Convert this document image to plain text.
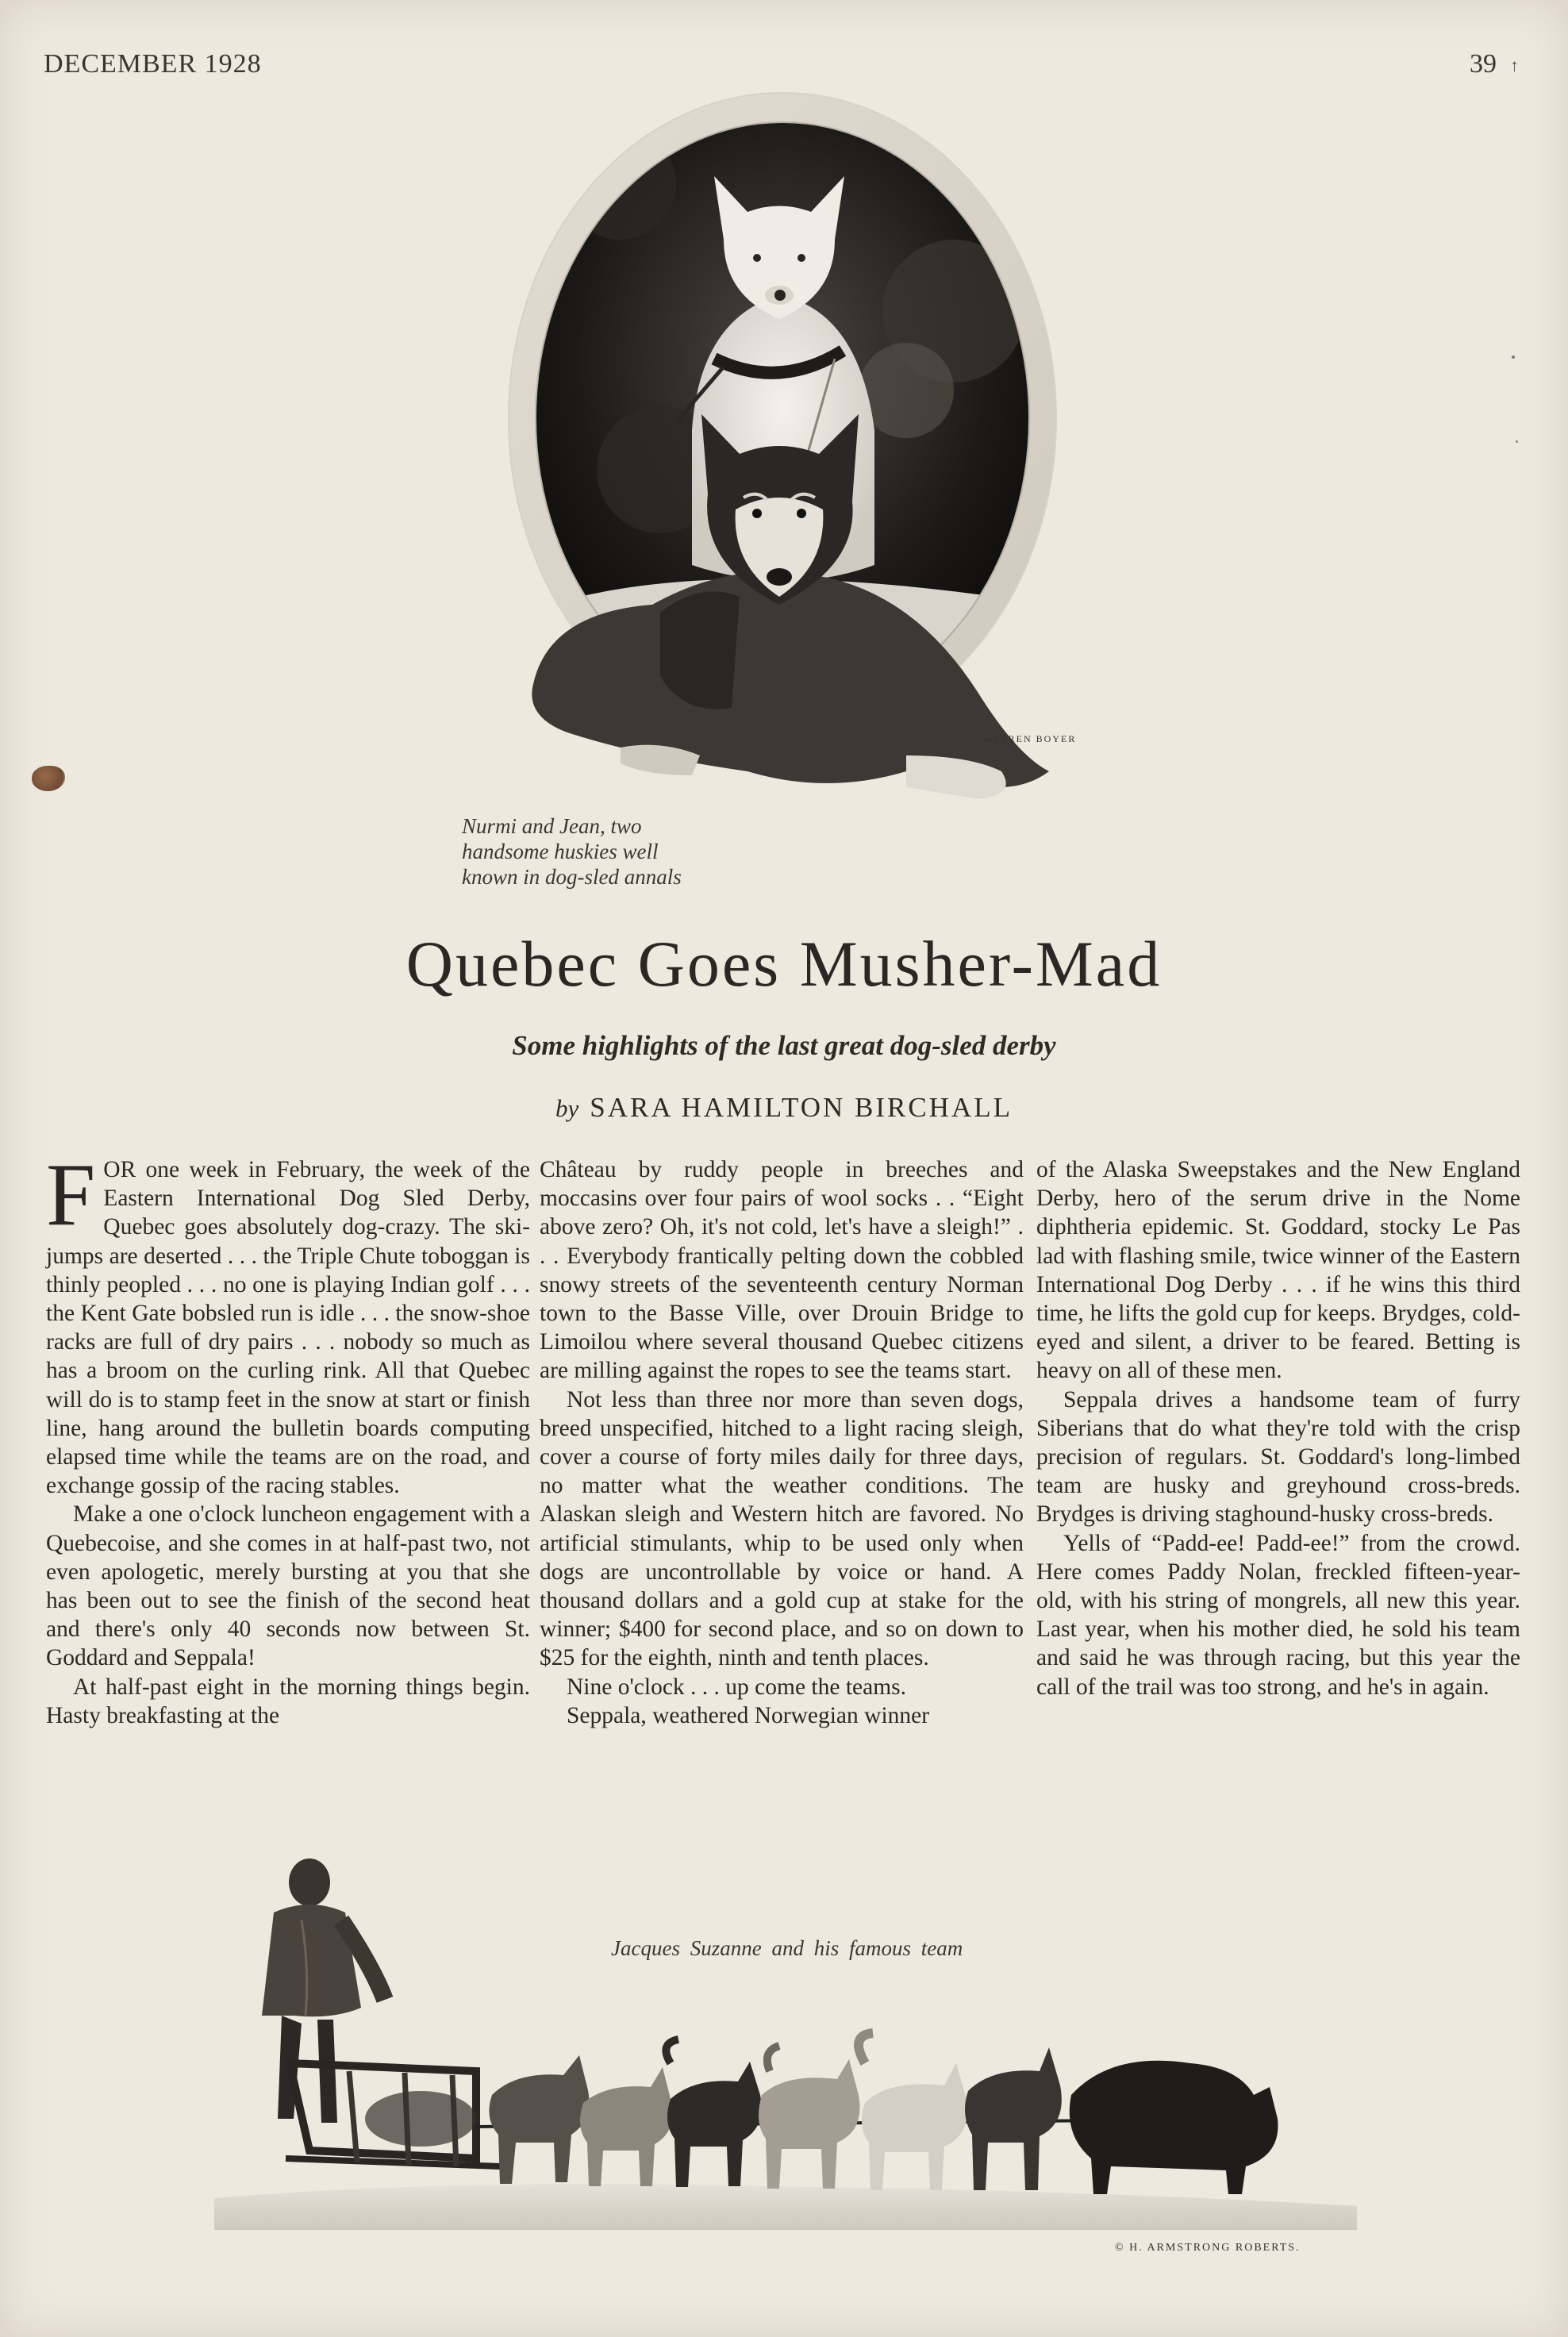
DECEMBER 1928	39 ↑
WARREN BOYER
Nurmi and Jean, two handsome huskies well known in dog-sled annals
Quebec Goes Musher-Mad
Some highlights of the last great dog-sled derby
by SARA HAMILTON BIRCHALL

FOR one week in February, the week of the Eastern International Dog Sled Derby, Quebec goes absolutely dog-crazy. The ski-jumps are deserted . . . the Triple Chute toboggan is thinly peopled . . . no one is playing Indian golf . . . the Kent Gate bobsled run is idle . . . the snow-shoe racks are full of dry pairs . . . nobody so much as has a broom on the curling rink. All that Quebec will do is to stamp feet in the snow at start or finish line, hang around the bulletin boards computing elapsed time while the teams are on the road, and exchange gossip of the racing stables.

Make a one o'clock luncheon engagement with a Quebecoise, and she comes in at half-past two, not even apologetic, merely bursting at you that she has been out to see the finish of the second heat and there's only 40 seconds now between St. Goddard and Seppala!

At half-past eight in the morning things begin. Hasty breakfasting at the

Château by ruddy people in breeches and moccasins over four pairs of wool socks . . “Eight above zero? Oh, it's not cold, let's have a sleigh!” . . . Everybody frantically pelting down the cobbled snowy streets of the seventeenth century Norman town to the Basse Ville, over Drouin Bridge to Limoilou where several thousand Quebec citizens are milling against the ropes to see the teams start.

Not less than three nor more than seven dogs, breed unspecified, hitched to a light racing sleigh, cover a course of forty miles daily for three days, no matter what the weather conditions. The Alaskan sleigh and Western hitch are favored. No artificial stimulants, whip to be used only when dogs are uncontrollable by voice or hand. A thousand dollars and a gold cup at stake for the winner; $400 for second place, and so on down to $25 for the eighth, ninth and tenth places.

Nine o'clock . . . up come the teams.

Seppala, weathered Norwegian winner

of the Alaska Sweepstakes and the New England Derby, hero of the serum drive in the Nome diphtheria epidemic. St. Goddard, stocky Le Pas lad with flashing smile, twice winner of the Eastern International Dog Derby . . . if he wins this third time, he lifts the gold cup for keeps. Brydges, cold-eyed and silent, a driver to be feared. Betting is heavy on all of these men.

Seppala drives a handsome team of furry Siberians that do what they're told with the crisp precision of regulars. St. Goddard's long-limbed team are husky and greyhound cross-breds. Brydges is driving staghound-husky cross-breds.

Yells of “Padd-ee! Padd-ee!” from the crowd. Here comes Paddy Nolan, freckled fifteen-year-old, with his string of mongrels, all new this year. Last year, when his mother died, he sold his team and said he was through racing, but this year the call of the trail was too strong, and he's in again.

Jacques Suzanne and his famous team
© H. ARMSTRONG ROBERTS.
